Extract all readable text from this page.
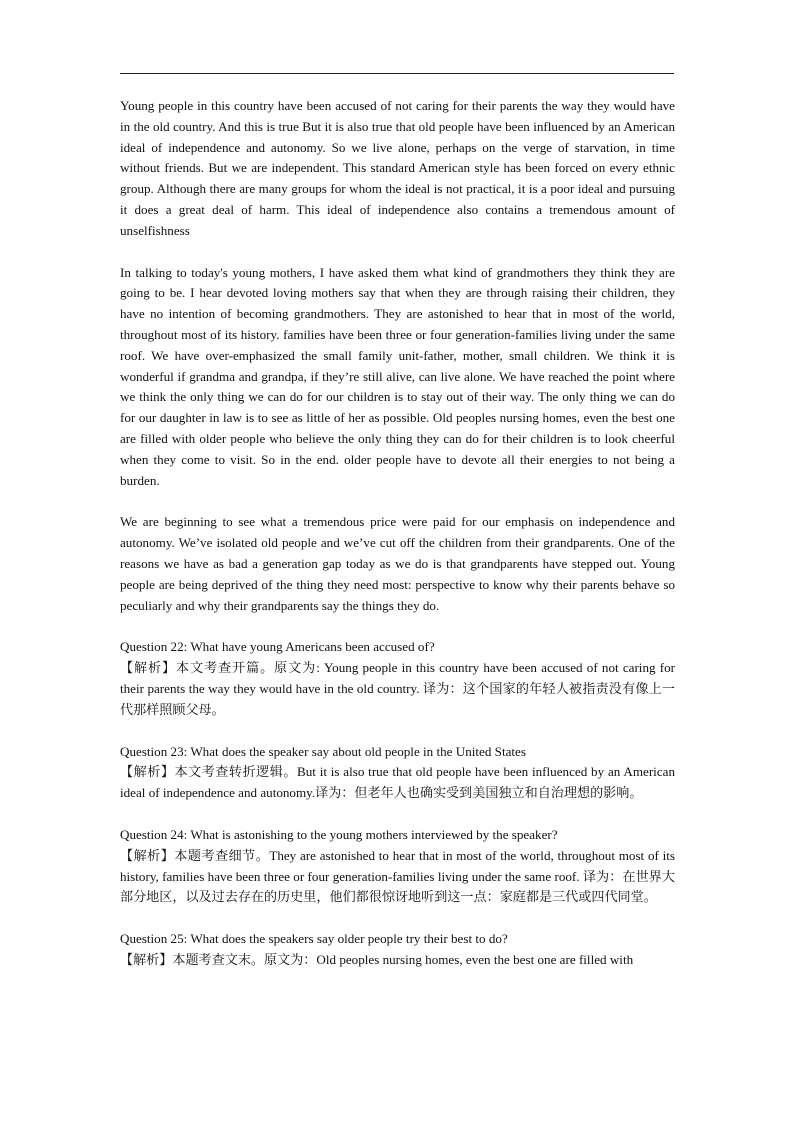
Young people in this country have been accused of not caring for their parents the way they would have in the old country. And this is true But it is also true that old people have been influenced by an American ideal of independence and autonomy. So we live alone, perhaps on the verge of starvation, in time without friends. But we are independent. This standard American style has been forced on every ethnic group. Although there are many groups for whom the ideal is not practical, it is a poor ideal and pursuing it does a great deal of harm. This ideal of independence also contains a tremendous amount of unselfishness

In talking to today's young mothers, I have asked them what kind of grandmothers they think they are going to be. I hear devoted loving mothers say that when they are through raising their children, they have no intention of becoming grandmothers. They are astonished to hear that in most of the world, throughout most of its history. families have been three or four generation-families living under the same roof. We have over-emphasized the small family unit-father, mother, small children. We think it is wonderful if grandma and grandpa, if they’re still alive, can live alone. We have reached the point where we think the only thing we can do for our children is to stay out of their way. The only thing we can do for our daughter in law is to see as little of her as possible. Old peoples nursing homes, even the best one are filled with older people who believe the only thing they can do for their children is to look cheerful when they come to visit. So in the end. older people have to devote all their energies to not being a burden.

We are beginning to see what a tremendous price were paid for our emphasis on independence and autonomy. We’ve isolated old people and we’ve cut off the children from their grandparents. One of the reasons we have as bad a generation gap today as we do is that grandparents have stepped out. Young people are being deprived of the thing they need most: perspective to know why their parents behave so peculiarly and why their grandparents say the things they do.

Question 22: What have young Americans been accused of?

【解析】本文考查开篇。原文为: Young people in this country have been accused of not caring for their parents the way they would have in the old country. 译为：这个国家的年轻人被指责没有像上一代那样照顾父母。

Question 23: What does the speaker say about old people in the United States

【解析】本文考查转折逻辑。But it is also true that old people have been influenced by an American ideal of independence and autonomy.译为：但老年人也确实受到美国独立和自治理想的影响。

Question 24: What is astonishing to the young mothers interviewed by the speaker?

【解析】本题考查细节。They are astonished to hear that in most of the world, throughout most of its history, families have been three or four generation-families living under the same roof. 译为：在世界大部分地区，以及过去存在的历史里，他们都很惊讶地听到这一点：家庭都是三代或四代同堂。

Question 25: What does the speakers say older people try their best to do?

【解析】本题考查文末。原文为：Old peoples nursing homes, even the best one are filled with
